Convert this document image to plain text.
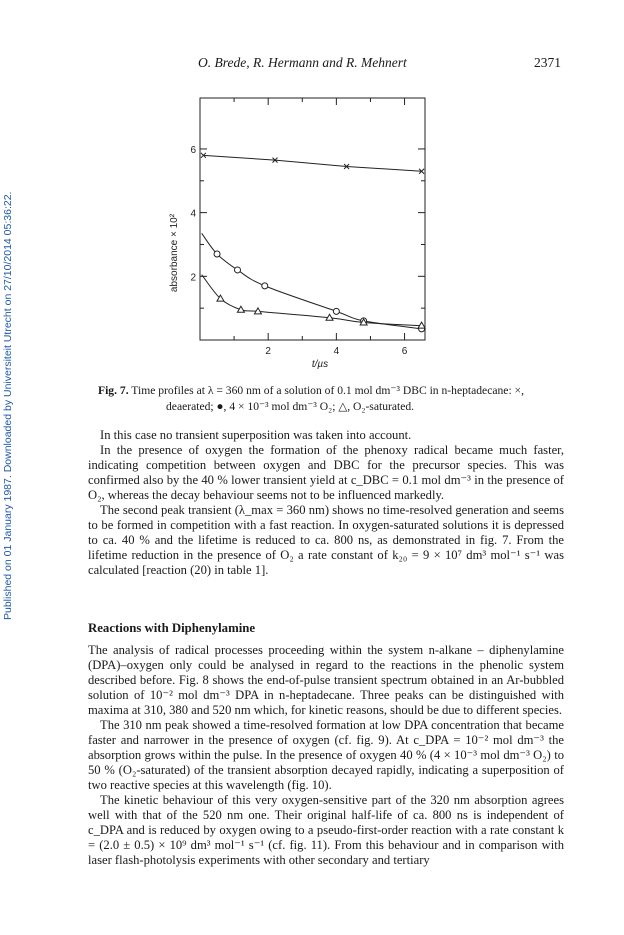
O. Brede, R. Hermann and R. Mehnert	2371
Published on 01 January 1987. Downloaded by Universiteit Utrecht on 27/10/2014 05:36:22.	2	4	6
2
4
6
absorbance × 10²
t/µs
Fig. 7. Time profiles at λ = 360 nm of a solution of 0.1 mol dm⁻³ DBC in n-heptadecane: ×,
deaerated; ●, 4 × 10⁻³ mol dm⁻³ O₂; △, O₂-saturated.

In this case no transient superposition was taken into account.

In the presence of oxygen the formation of the phenoxy radical became much faster, indicating competition between oxygen and DBC for the precursor species. This was confirmed also by the 40 % lower transient yield at c_DBC = 0.1 mol dm⁻³ in the presence of O₂, whereas the decay behaviour seems not to be influenced markedly.

The second peak transient (λ_max = 360 nm) shows no time-resolved generation and seems to be formed in competition with a fast reaction. In oxygen-saturated solutions it is depressed to ca. 40 % and the lifetime is reduced to ca. 800 ns, as demonstrated in fig. 7. From the lifetime reduction in the presence of O₂ a rate constant of k₂₀ = 9 × 10⁷ dm³ mol⁻¹ s⁻¹ was calculated [reaction (20) in table 1].

Reactions with Diphenylamine

The analysis of radical processes proceeding within the system n-alkane – diphenylamine (DPA)–oxygen only could be analysed in regard to the reactions in the phenolic system described before. Fig. 8 shows the end-of-pulse transient spectrum obtained in an Ar-bubbled solution of 10⁻² mol dm⁻³ DPA in n-heptadecane. Three peaks can be distinguished with maxima at 310, 380 and 520 nm which, for kinetic reasons, should be due to different species.

The 310 nm peak showed a time-resolved formation at low DPA concentration that became faster and narrower in the presence of oxygen (cf. fig. 9). At c_DPA = 10⁻² mol dm⁻³ the absorption grows within the pulse. In the presence of oxygen 40 % (4 × 10⁻³ mol dm⁻³ O₂) to 50 % (O₂-saturated) of the transient absorption decayed rapidly, indicating a superposition of two reactive species at this wavelength (fig. 10).

The kinetic behaviour of this very oxygen-sensitive part of the 320 nm absorption agrees well with that of the 520 nm one. Their original half-life of ca. 800 ns is independent of c_DPA and is reduced by oxygen owing to a pseudo-first-order reaction with a rate constant k = (2.0 ± 0.5) × 10⁹ dm³ mol⁻¹ s⁻¹ (cf. fig. 11). From this behaviour and in comparison with laser flash-photolysis experiments with other secondary and tertiary
